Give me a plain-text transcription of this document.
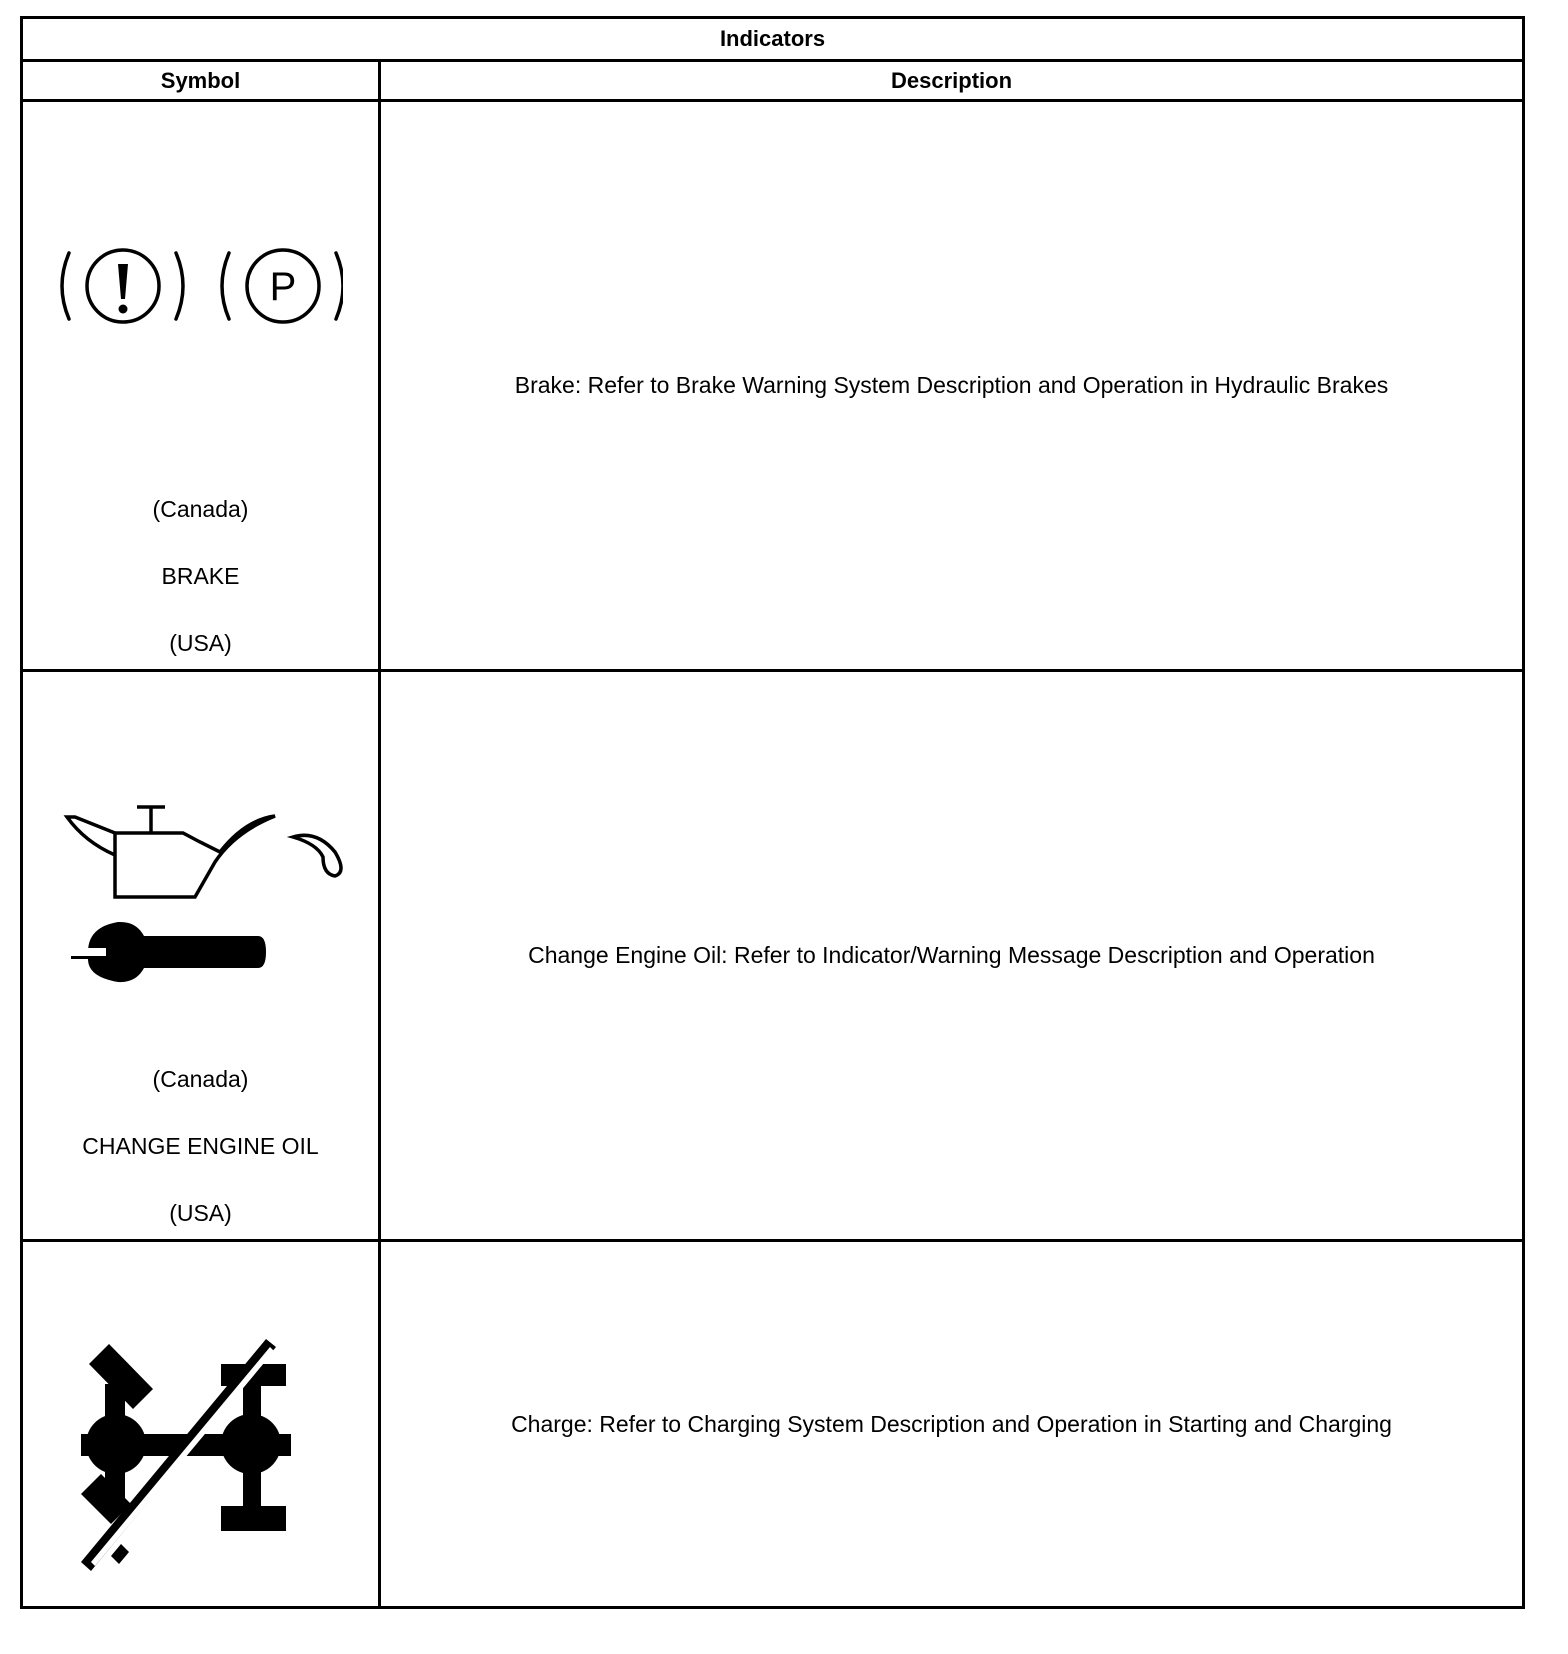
Indicators	
Symbol	Description

P
(Canada)
BRAKE
(USA)	Brake: Refer to Brake Warning System Description and Operation in Hydraulic Brakes

(Canada)
CHANGE ENGINE OIL
(USA)	Change Engine Oil: Refer to Indicator/Warning Message Description and Operation

	Charge: Refer to Charging System Description and Operation in Starting and Charging
